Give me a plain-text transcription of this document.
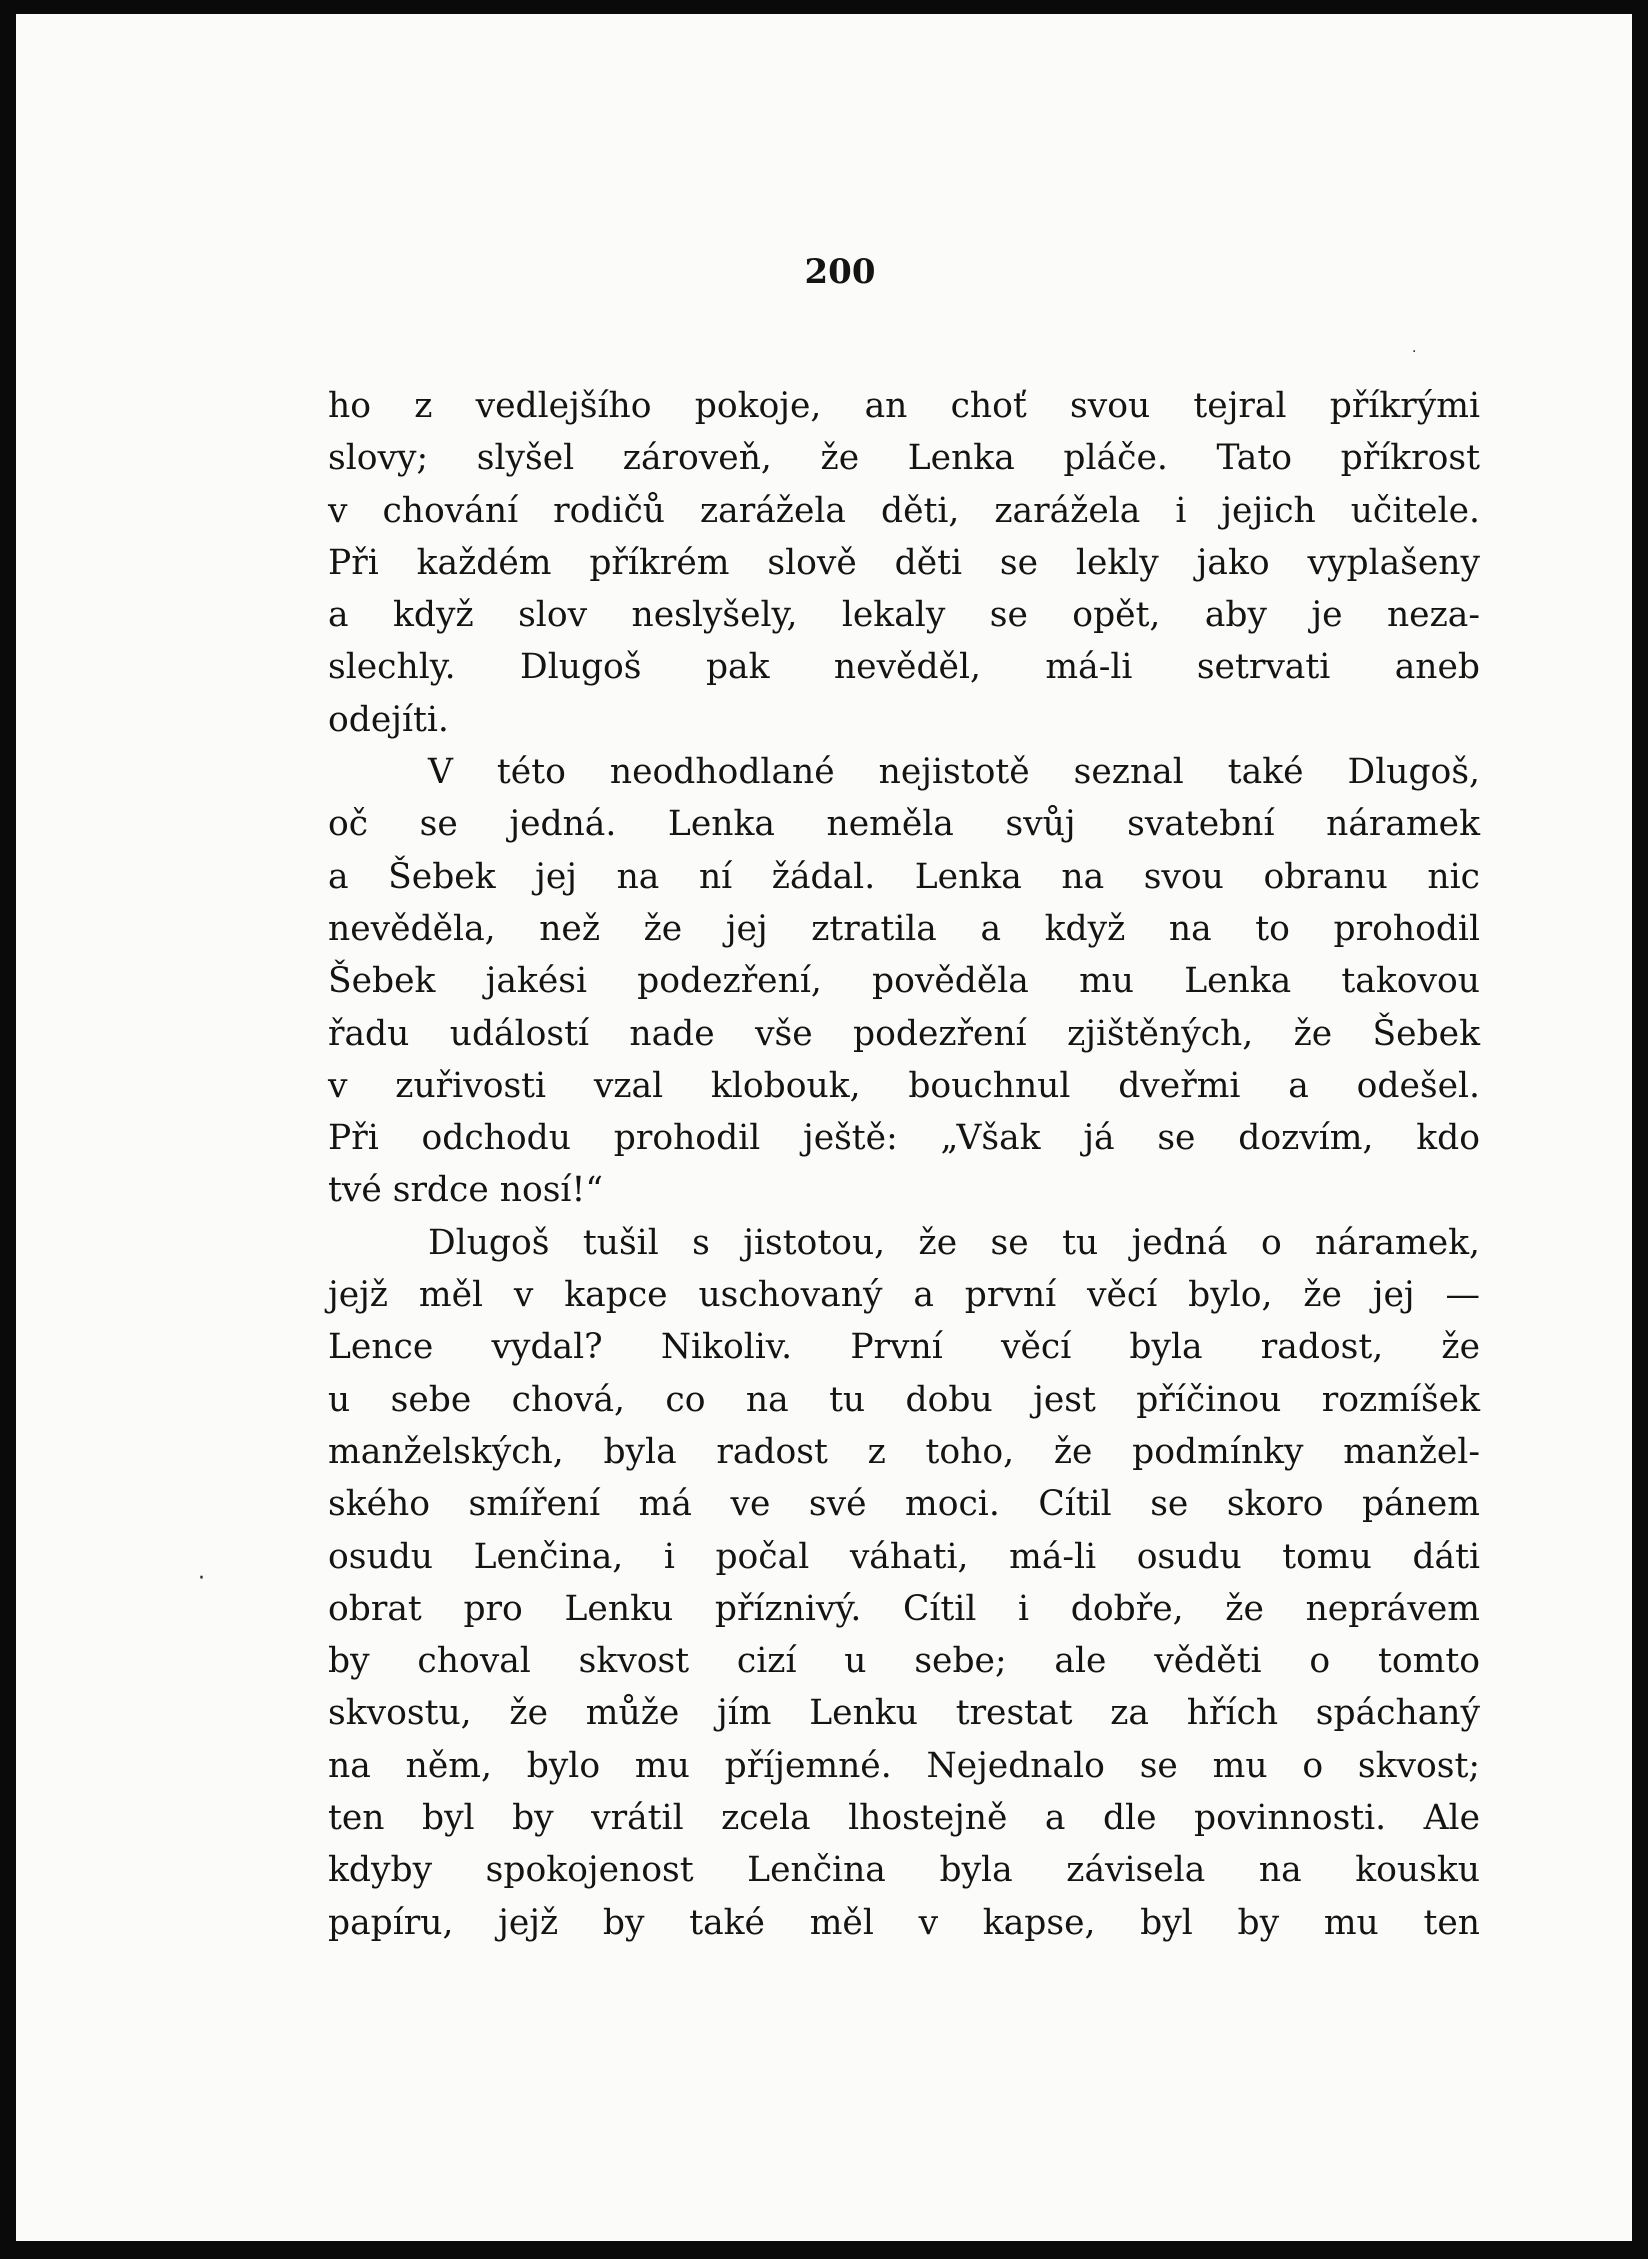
200
ho z vedlejšího pokoje, an choť svou tejral příkrými
slovy; slyšel zároveň, že Lenka pláče. Tato příkrost
v chování rodičů zarážela děti, zarážela i jejich učitele.
Při každém příkrém slově děti se lekly jako vyplašeny
a když slov neslyšely, lekaly se opět, aby je neza-
slechly. Dlugoš pak nevěděl, má-li setrvati aneb
odejíti.
V této neodhodlané nejistotě seznal také Dlugoš,
oč se jedná. Lenka neměla svůj svatební náramek
a Šebek jej na ní žádal. Lenka na svou obranu nic
nevěděla, než že jej ztratila a když na to prohodil
Šebek jakési podezření, pověděla mu Lenka takovou
řadu událostí nade vše podezření zjištěných, že Šebek
v zuřivosti vzal klobouk, bouchnul dveřmi a odešel.
Při odchodu prohodil ještě: „Však já se dozvím, kdo
tvé srdce nosí!“
Dlugoš tušil s jistotou, že se tu jedná o náramek,
jejž měl v kapce uschovaný a první věcí bylo, že jej —
Lence vydal? Nikoliv. První věcí byla radost, že
u sebe chová, co na tu dobu jest příčinou rozmíšek
manželských, byla radost z toho, že podmínky manžel-
ského smíření má ve své moci. Cítil se skoro pánem
osudu Lenčina, i počal váhati, má-li osudu tomu dáti
obrat pro Lenku příznivý. Cítil i dobře, že neprávem
by choval skvost cizí u sebe; ale věděti o tomto
skvostu, že může jím Lenku trestat za hřích spáchaný
na něm, bylo mu příjemné. Nejednalo se mu o skvost;
ten byl by vrátil zcela lhostejně a dle povinnosti. Ale
kdyby spokojenost Lenčina byla závisela na kousku
papíru, jejž by také měl v kapse, byl by mu ten
·
·
